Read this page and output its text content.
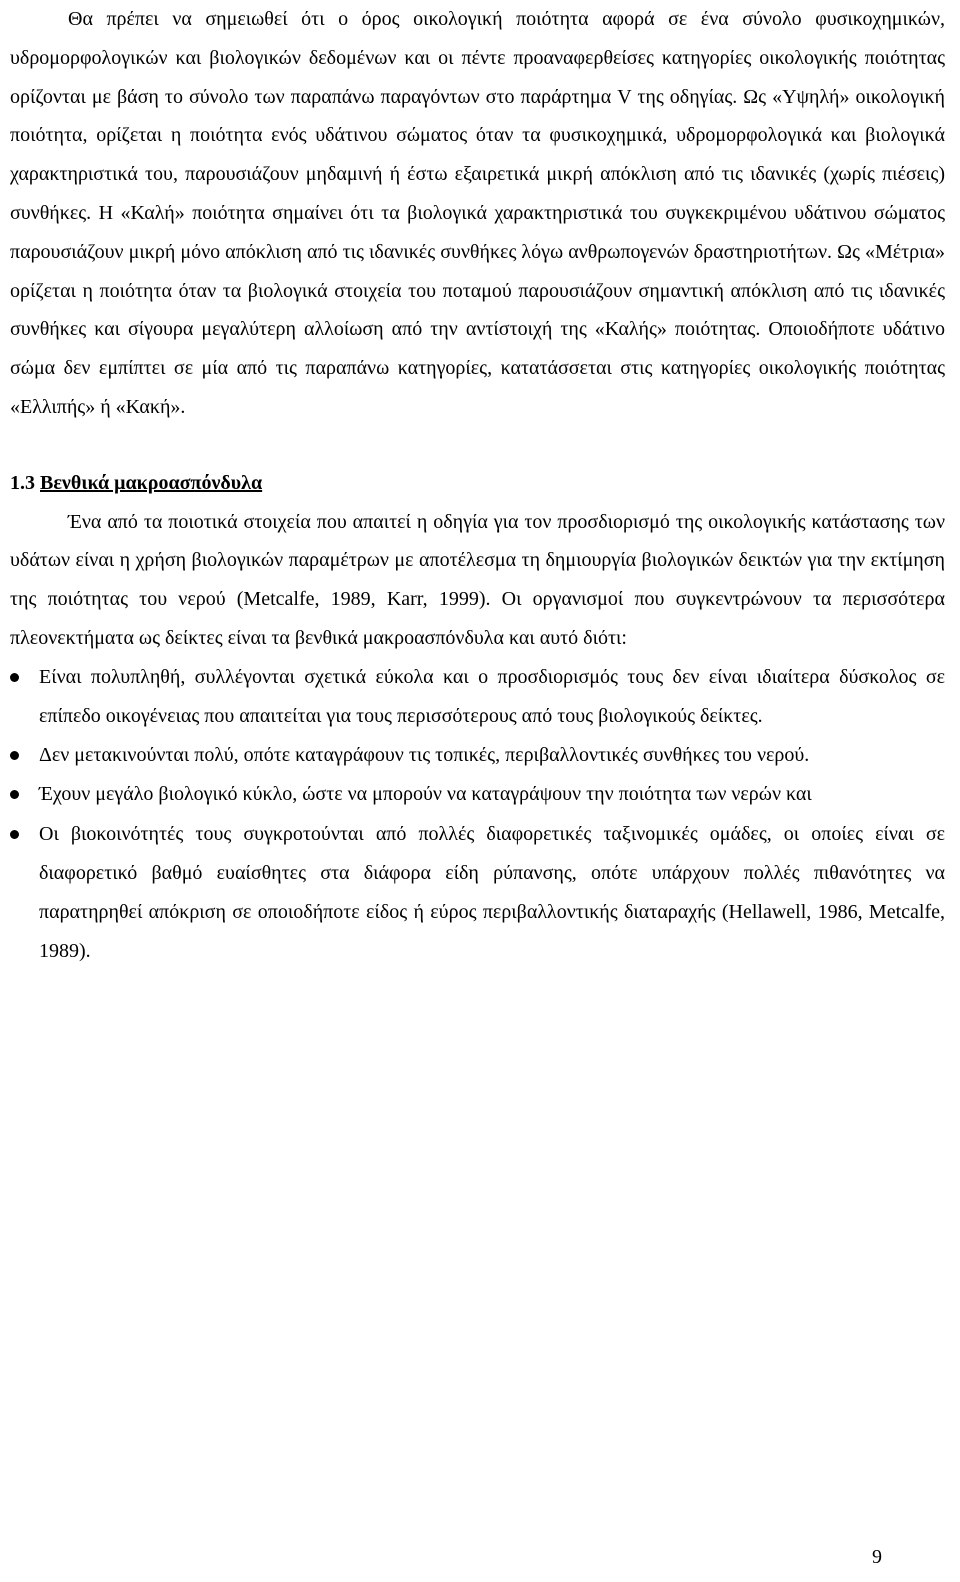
Θα πρέπει να σημειωθεί ότι ο όρος οικολογική ποιότητα αφορά σε ένα σύνολο φυσικοχημικών, υδρομορφολογικών και βιολογικών δεδομένων και οι πέντε προαναφερθείσες κατηγορίες οικολογικής ποιότητας ορίζονται με βάση το σύνολο των παραπάνω παραγόντων στο παράρτημα V της οδηγίας. Ως «Υψηλή» οικολογική ποιότητα, ορίζεται η ποιότητα ενός υδάτινου σώματος όταν τα φυσικοχημικά, υδρομορφολογικά και βιολογικά χαρακτηριστικά του, παρουσιάζουν μηδαμινή ή έστω εξαιρετικά μικρή απόκλιση από τις ιδανικές (χωρίς πιέσεις) συνθήκες. Η «Καλή» ποιότητα σημαίνει ότι τα βιολογικά χαρακτηριστικά του συγκεκριμένου υδάτινου σώματος παρουσιάζουν μικρή μόνο απόκλιση από τις ιδανικές συνθήκες λόγω ανθρωπογενών δραστηριοτήτων. Ως «Μέτρια» ορίζεται η ποιότητα όταν τα βιολογικά στοιχεία του ποταμού παρουσιάζουν σημαντική απόκλιση από τις ιδανικές συνθήκες και σίγουρα μεγαλύτερη αλλοίωση από την αντίστοιχή της «Καλής» ποιότητας. Οποιοδήποτε υδάτινο σώμα δεν εμπίπτει σε μία από τις παραπάνω κατηγορίες, κατατάσσεται στις κατηγορίες οικολογικής ποιότητας «Ελλιπής» ή «Κακή».

1.3 Βενθικά μακροασπόνδυλα

Ένα από τα ποιοτικά στοιχεία που απαιτεί η οδηγία για τον προσδιορισμό της οικολογικής κατάστασης των υδάτων είναι η χρήση βιολογικών παραμέτρων με αποτέλεσμα τη δημιουργία βιολογικών δεικτών για την εκτίμηση της ποιότητας του νερού (Metcalfe, 1989, Karr, 1999). Οι οργανισμοί που συγκεντρώνουν τα περισσότερα πλεονεκτήματα ως δείκτες είναι τα βενθικά μακροασπόνδυλα και αυτό διότι:

Είναι πολυπληθή, συλλέγονται σχετικά εύκολα και ο προσδιορισμός τους δεν είναι ιδιαίτερα δύσκολος σε επίπεδο οικογένειας που απαιτείται για τους περισσότερους από τους βιολογικούς δείκτες.
Δεν μετακινούνται πολύ, οπότε καταγράφουν τις τοπικές, περιβαλλοντικές συνθήκες του νερού.
Έχουν μεγάλο βιολογικό κύκλο, ώστε να μπορούν να καταγράψουν την ποιότητα των νερών και
Οι βιοκοινότητές τους συγκροτούνται από πολλές διαφορετικές ταξινομικές ομάδες, οι οποίες είναι σε διαφορετικό βαθμό ευαίσθητες στα διάφορα είδη ρύπανσης, οπότε υπάρχουν πολλές πιθανότητες να παρατηρηθεί απόκριση σε οποιοδήποτε είδος ή εύρος περιβαλλοντικής διαταραχής (Hellawell, 1986, Metcalfe, 1989).
9
